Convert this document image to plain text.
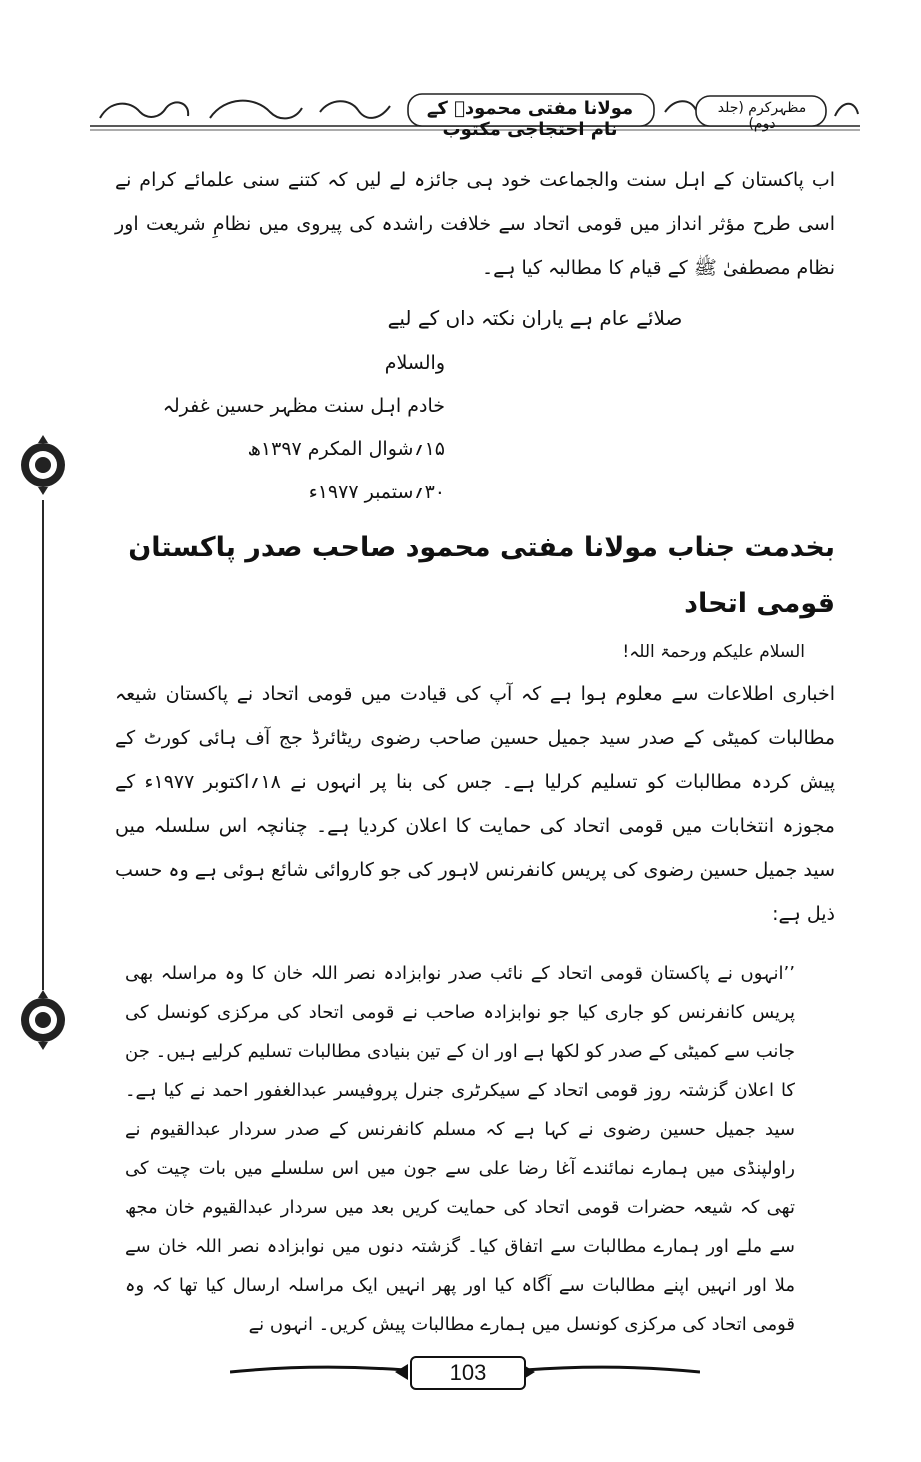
مولانا مفتی محمودؒ کے نام احتجاجی مکتوب
مظہرکرم (جلد دوم)

اب پاکستان کے اہل سنت والجماعت خود ہی جائزہ لے لیں کہ کتنے سنی علمائے کرام نے اسی طرح مؤثر انداز میں قومی اتحاد سے خلافت راشدہ کی پیروی میں نظامِ شریعت اور نظام مصطفیٰ ﷺ کے قیام کا مطالبہ کیا ہے۔

صلائے عام ہے یاران نکتہ داں کے لیے
والسلام
خادم اہل سنت مظہر حسین غفرلہ
۱۵؍شوال المکرم ۱۳۹۷ھ
۳۰؍ستمبر ۱۹۷۷ء
بخدمت جناب مولانا مفتی محمود صاحب صدر پاکستان قومی اتحاد
السلام علیکم ورحمۃ اللہ!

اخباری اطلاعات سے معلوم ہوا ہے کہ آپ کی قیادت میں قومی اتحاد نے پاکستان شیعہ مطالبات کمیٹی کے صدر سید جمیل حسین صاحب رضوی ریٹائرڈ جج آف ہائی کورٹ کے پیش کردہ مطالبات کو تسلیم کرلیا ہے۔ جس کی بنا پر انہوں نے ۱۸؍اکتوبر ۱۹۷۷ء کے مجوزہ انتخابات میں قومی اتحاد کی حمایت کا اعلان کردیا ہے۔ چنانچہ اس سلسلہ میں سید جمیل حسین رضوی کی پریس کانفرنس لاہور کی جو کاروائی شائع ہوئی ہے وہ حسب ذیل ہے:

’’انہوں نے پاکستان قومی اتحاد کے نائب صدر نوابزادہ نصر اللہ خان کا وہ مراسلہ بھی پریس کانفرنس کو جاری کیا جو نوابزادہ صاحب نے قومی اتحاد کی مرکزی کونسل کی جانب سے کمیٹی کے صدر کو لکھا ہے اور ان کے تین بنیادی مطالبات تسلیم کرلیے ہیں۔ جن کا اعلان گزشتہ روز قومی اتحاد کے سیکرٹری جنرل پروفیسر عبدالغفور احمد نے کیا ہے۔ سید جمیل حسین رضوی نے کہا ہے کہ مسلم کانفرنس کے صدر سردار عبدالقیوم نے راولپنڈی میں ہمارے نمائندے آغا رضا علی سے جون میں اس سلسلے میں بات چیت کی تھی کہ شیعہ حضرات قومی اتحاد کی حمایت کریں بعد میں سردار عبدالقیوم خان مجھ سے ملے اور ہمارے مطالبات سے اتفاق کیا۔ گزشتہ دنوں میں نوابزادہ نصر اللہ خان سے ملا اور انہیں اپنے مطالبات سے آگاہ کیا اور پھر انہیں ایک مراسلہ ارسال کیا تھا کہ وہ قومی اتحاد کی مرکزی کونسل میں ہمارے مطالبات پیش کریں۔ انہوں نے

103
